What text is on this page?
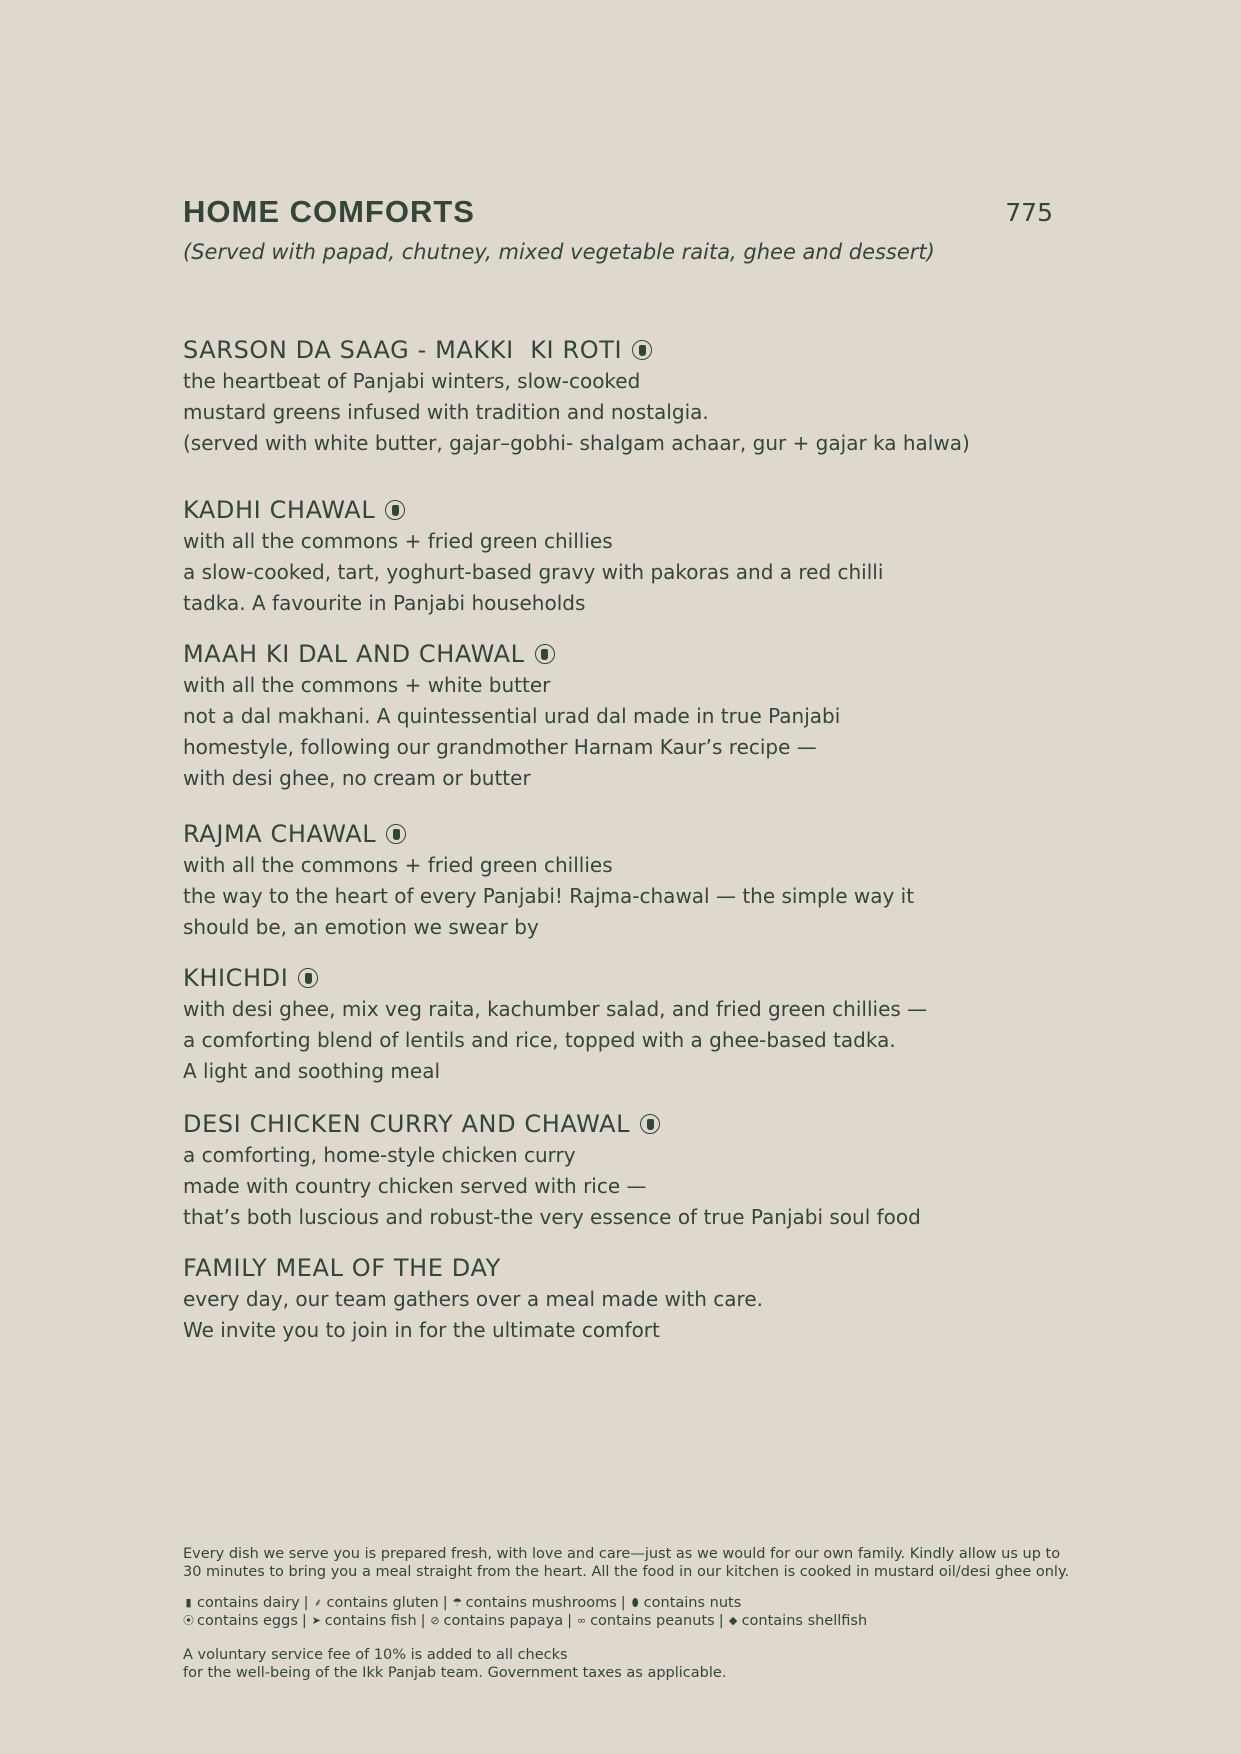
HOME COMFORTS	775
(Served with papad, chutney, mixed vegetable raita, ghee and dessert)
SARSON DA SAAG - MAKKI  KI ROTI
the heartbeat of Panjabi winters, slow-cooked
mustard greens infused with tradition and nostalgia.
(served with white butter, gajar–gobhi- shalgam achaar, gur + gajar ka halwa)
KADHI CHAWAL
with all the commons + fried green chillies
a slow-cooked, tart, yoghurt-based gravy with pakoras and a red chilli
tadka. A favourite in Panjabi households
MAAH KI DAL AND CHAWAL
with all the commons + white butter
not a dal makhani. A quintessential urad dal made in true Panjabi
homestyle, following our grandmother Harnam Kaur’s recipe —
with desi ghee, no cream or butter
RAJMA CHAWAL
with all the commons + fried green chillies
the way to the heart of every Panjabi! Rajma-chawal — the simple way it
should be, an emotion we swear by
KHICHDI
with desi ghee, mix veg raita, kachumber salad, and fried green chillies —
a comforting blend of lentils and rice, topped with a ghee-based tadka.
A light and soothing meal
DESI CHICKEN CURRY AND CHAWAL
a comforting, home-style chicken curry
made with country chicken served with rice —
that’s both luscious and robust-the very essence of true Panjabi soul food
FAMILY MEAL OF THE DAY
every day, our team gathers over a meal made with care.
We invite you to join in for the ultimate comfort

Every dish we serve you is prepared fresh, with love and care—just as we would for our own family. Kindly allow us up to

30 minutes to bring you a meal straight from the heart. All the food in our kitchen is cooked in mustard oil/desi ghee only.

▮ contains dairy | ⸙ contains gluten | ☂ contains mushrooms | ⬮ contains nuts
⦿ contains eggs | ➤ contains fish | ⊘ contains papaya | ∞ contains peanuts | ◆ contains shellfish

A voluntary service fee of 10% is added to all checks

for the well-being of the Ikk Panjab team. Government taxes as applicable.
